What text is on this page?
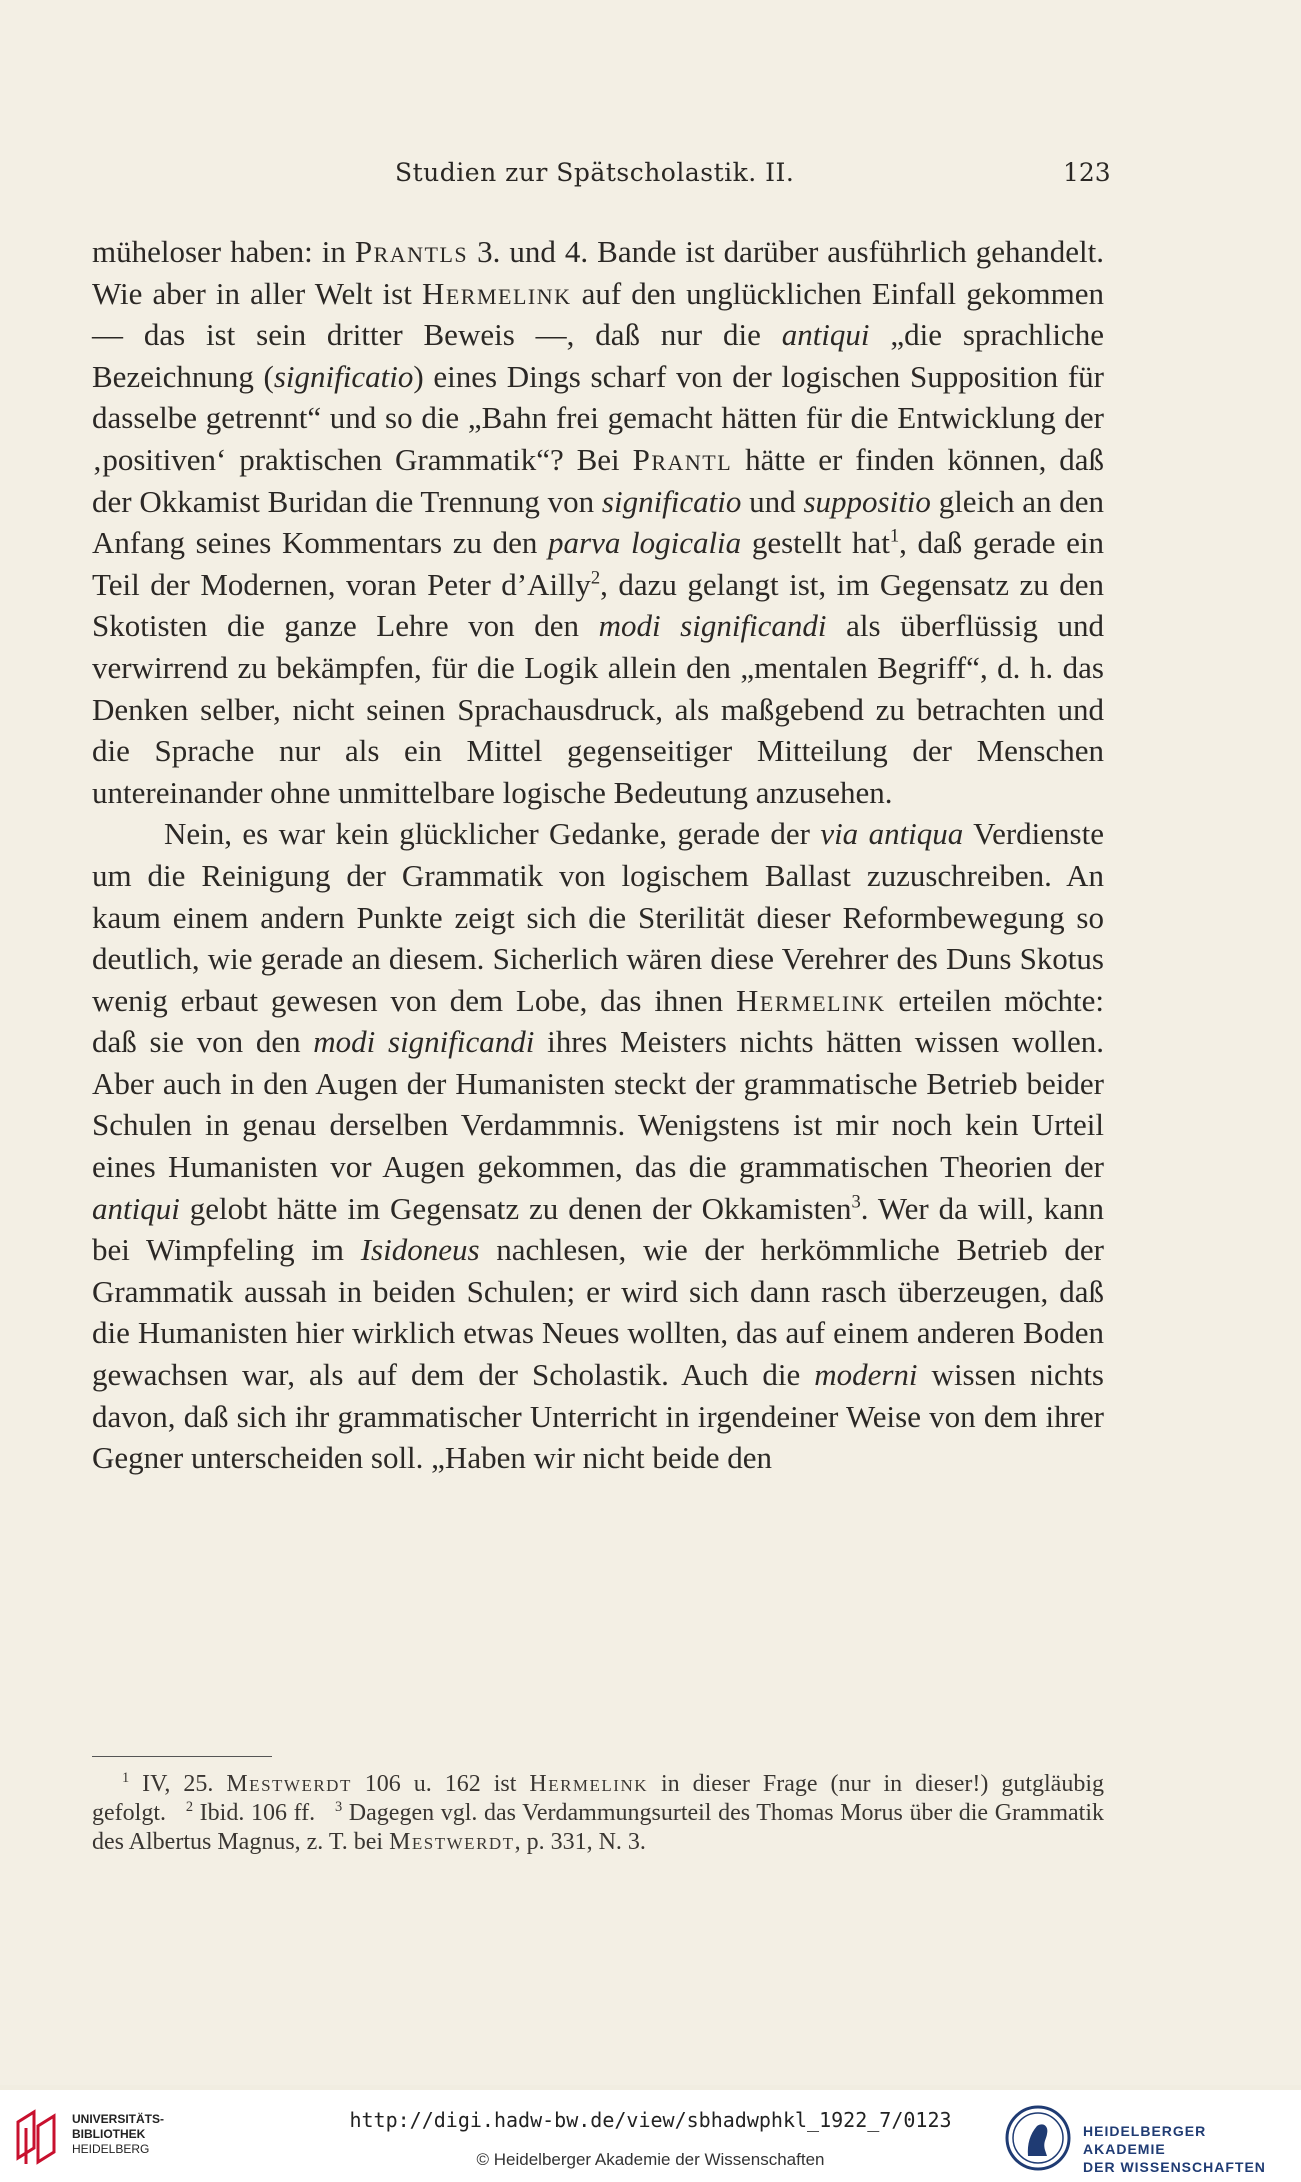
Studien zur Spätscholastik. II.	123

müheloser haben: in Prantls 3. und 4. Bande ist darüber ausführlich gehandelt. Wie aber in aller Welt ist Hermelink auf den unglücklichen Einfall gekommen — das ist sein dritter Beweis —, daß nur die antiqui „die sprachliche Bezeichnung (significatio) eines Dings scharf von der logischen Supposition für dasselbe getrennt“ und so die „Bahn frei gemacht hätten für die Entwicklung der ‚positiven‘ praktischen Grammatik“? Bei Prantl hätte er finden können, daß der Okkamist Buridan die Trennung von significatio und suppositio gleich an den Anfang seines Kommentars zu den parva logicalia gestellt hat$^1$, daß gerade ein Teil der Modernen, voran Peter d’Ailly$^2$, dazu gelangt ist, im Gegensatz zu den Skotisten die ganze Lehre von den modi significandi als überflüssig und verwirrend zu bekämpfen, für die Logik allein den „mentalen Begriff“, d. h. das Denken selber, nicht seinen Sprachausdruck, als maßgebend zu betrachten und die Sprache nur als ein Mittel gegenseitiger Mitteilung der Menschen untereinander ohne unmittelbare logische Bedeutung anzusehen.

Nein, es war kein glücklicher Gedanke, gerade der via antiqua Verdienste um die Reinigung der Grammatik von logischem Ballast zuzuschreiben. An kaum einem andern Punkte zeigt sich die Sterilität dieser Reformbewegung so deutlich, wie gerade an diesem. Sicherlich wären diese Verehrer des Duns Skotus wenig erbaut gewesen von dem Lobe, das ihnen Hermelink erteilen möchte: daß sie von den modi significandi ihres Meisters nichts hätten wissen wollen. Aber auch in den Augen der Humanisten steckt der grammatische Betrieb beider Schulen in genau derselben Verdammnis. Wenigstens ist mir noch kein Urteil eines Humanisten vor Augen gekommen, das die grammatischen Theorien der antiqui gelobt hätte im Gegensatz zu denen der Okkamisten$^3$. Wer da will, kann bei Wimpfeling im Isidoneus nachlesen, wie der herkömmliche Betrieb der Grammatik aussah in beiden Schulen; er wird sich dann rasch überzeugen, daß die Humanisten hier wirklich etwas Neues wollten, das auf einem anderen Boden gewachsen war, als auf dem der Scholastik. Auch die moderni wissen nichts davon, daß sich ihr grammatischer Unterricht in irgendeiner Weise von dem ihrer Gegner unterscheiden soll. „Haben wir nicht beide den

$^1$ IV, 25. Mestwerdt 106 u. 162 ist Hermelink in dieser Frage (nur in dieser!) gutgläubig gefolgt. $^2$ Ibid. 106 ff. $^3$ Dagegen vgl. das Verdammungsurteil des Thomas Morus über die Grammatik des Albertus Magnus, z. T. bei Mestwerdt, p. 331, N. 3.

UNIVERSITÄTS-
BIBLIOTHEK
HEIDELBERG
http://digi.hadw-bw.de/view/sbhadwphkl_1922_7/0123
© Heidelberger Akademie der Wissenschaften
HEIDELBERGER AKADEMIE
DER WISSENSCHAFTEN
